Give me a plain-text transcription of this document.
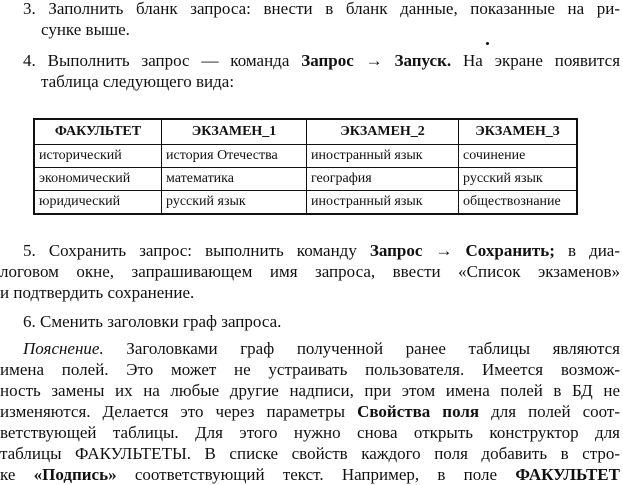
3. Заполнить бланк запроса: внести в бланк данные, показанные на ри-

сунке выше.

4. Выполнить запрос — команда Запрос → Запуск. На экране появится

таблица следующего вида:

ФАКУЛЬТЕТ	ЭКЗАМЕН_1	ЭКЗАМЕН_2	ЭКЗАМЕН_3
исторический	история Отечества	иностранный язык	сочинение
экономический	математика	география	русский язык
юридический	русский язык	иностранный язык	обществознание

5. Сохранить запрос: выполнить команду Запрос → Сохранить; в диа-

логовом окне, запрашивающем имя запроса, ввести «Список экзаменов»

и подтвердить сохранение.

6. Сменить заголовки граф запроса.

Пояснение. Заголовками граф полученной ранее таблицы являются

имена полей. Это может не устраивать пользователя. Имеется возмож-

ность замены их на любые другие надписи, при этом имена полей в БД не

изменяются. Делается это через параметры Свойства поля для полей соот-

ветствующей таблицы. Для этого нужно снова открыть конструктор для

таблицы ФАКУЛЬТЕТЫ. В списке свойств каждого поля добавить в стро-

ке «Подпись» соответствующий текст. Например, в поле ФАКУЛЬТЕТ
